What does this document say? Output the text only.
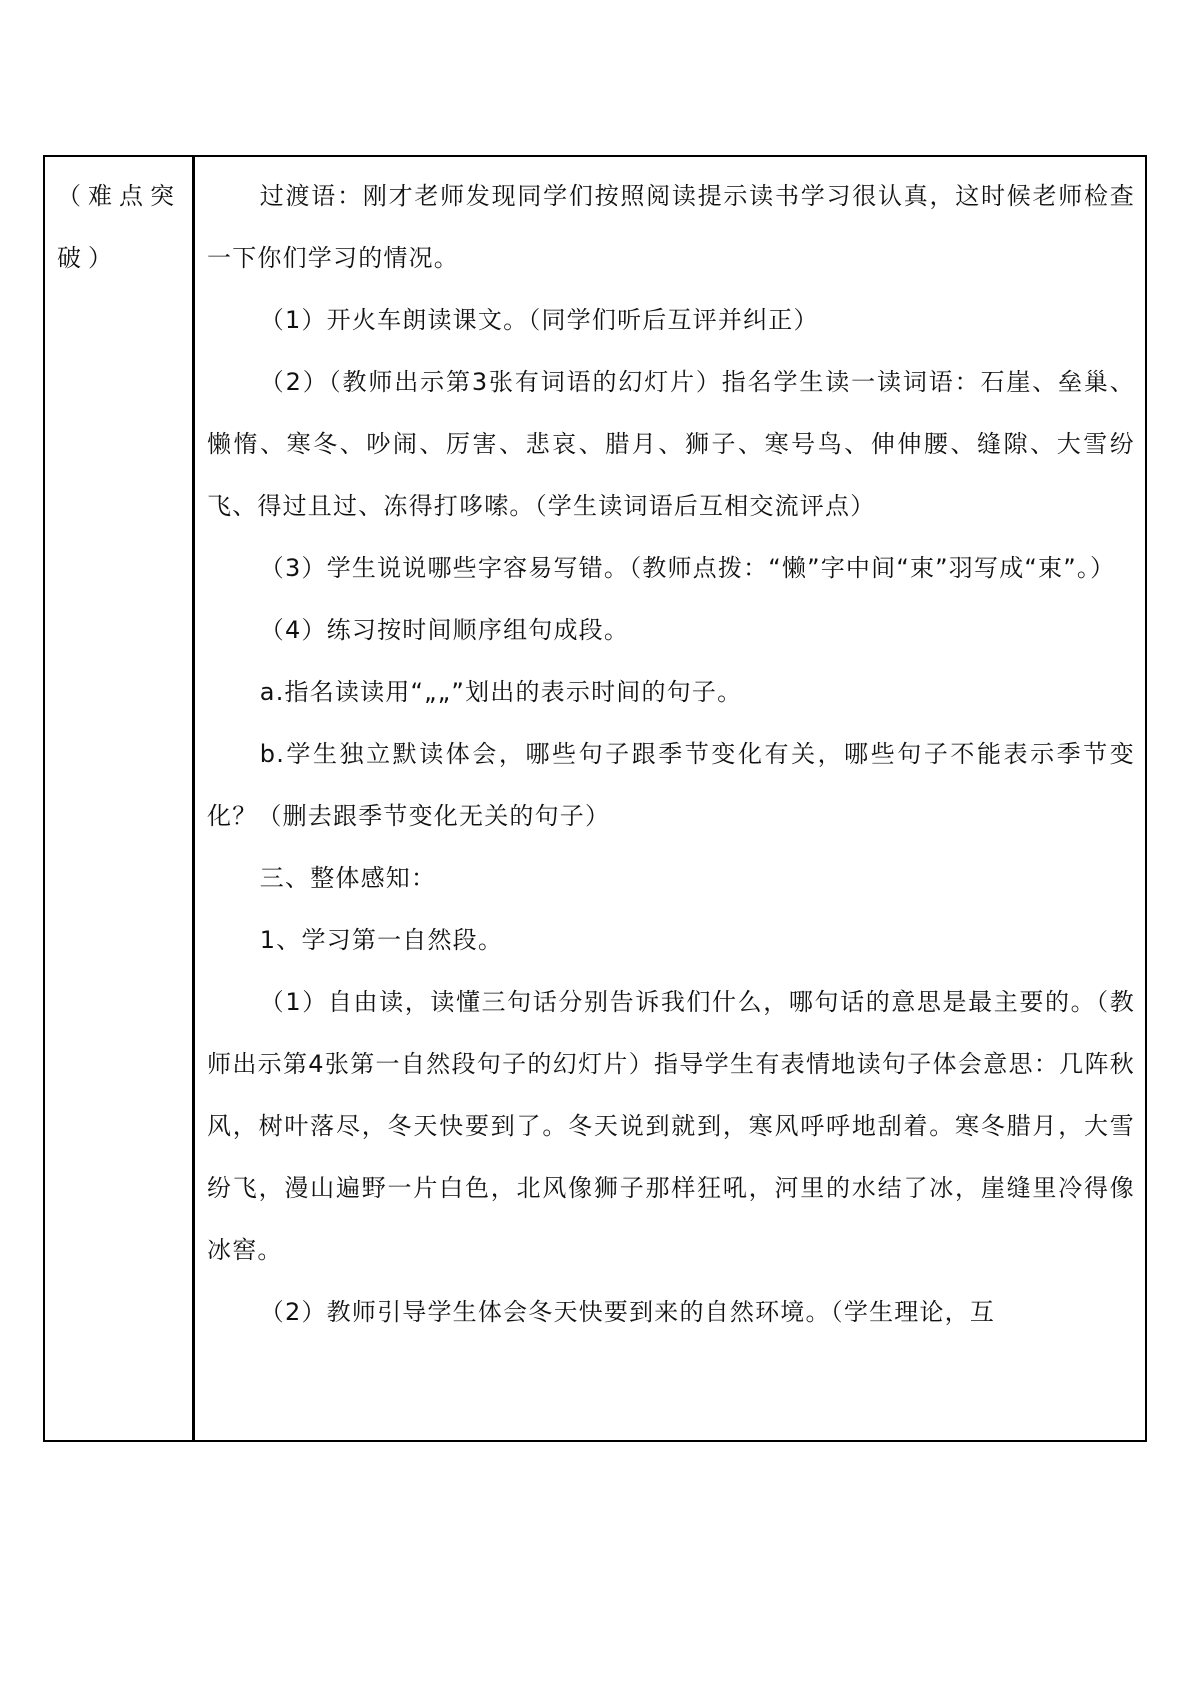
（难点突破）

过渡语：刚才老师发现同学们按照阅读提示读书学习很认真，这时候老师检查一下你们学习的情况。

（1）开火车朗读课文。（同学们听后互评并纠正）

（2）（教师出示第3张有词语的幻灯片）指名学生读一读词语：石崖、垒巢、懒惰、寒冬、吵闹、厉害、悲哀、腊月、狮子、寒号鸟、伸伸腰、缝隙、大雪纷飞、得过且过、冻得打哆嗦。（学生读词语后互相交流评点）

（3）学生说说哪些字容易写错。（教师点拨：“懒”字中间“束”羽写成“束”。）

（4）练习按时间顺序组句成段。

a.指名读读用“„„”划出的表示时间的句子。

b.学生独立默读体会，哪些句子跟季节变化有关，哪些句子不能表示季节变化？（删去跟季节变化无关的句子）

三、整体感知：

1、学习第一自然段。

（1）自由读，读懂三句话分别告诉我们什么，哪句话的意思是最主要的。（教师出示第4张第一自然段句子的幻灯片）指导学生有表情地读句子体会意思：几阵秋风，树叶落尽，冬天快要到了。冬天说到就到，寒风呼呼地刮着。寒冬腊月，大雪纷飞，漫山遍野一片白色，北风像狮子那样狂吼，河里的水结了冰，崖缝里冷得像冰窖。

（2）教师引导学生体会冬天快要到来的自然环境。（学生理论，互
